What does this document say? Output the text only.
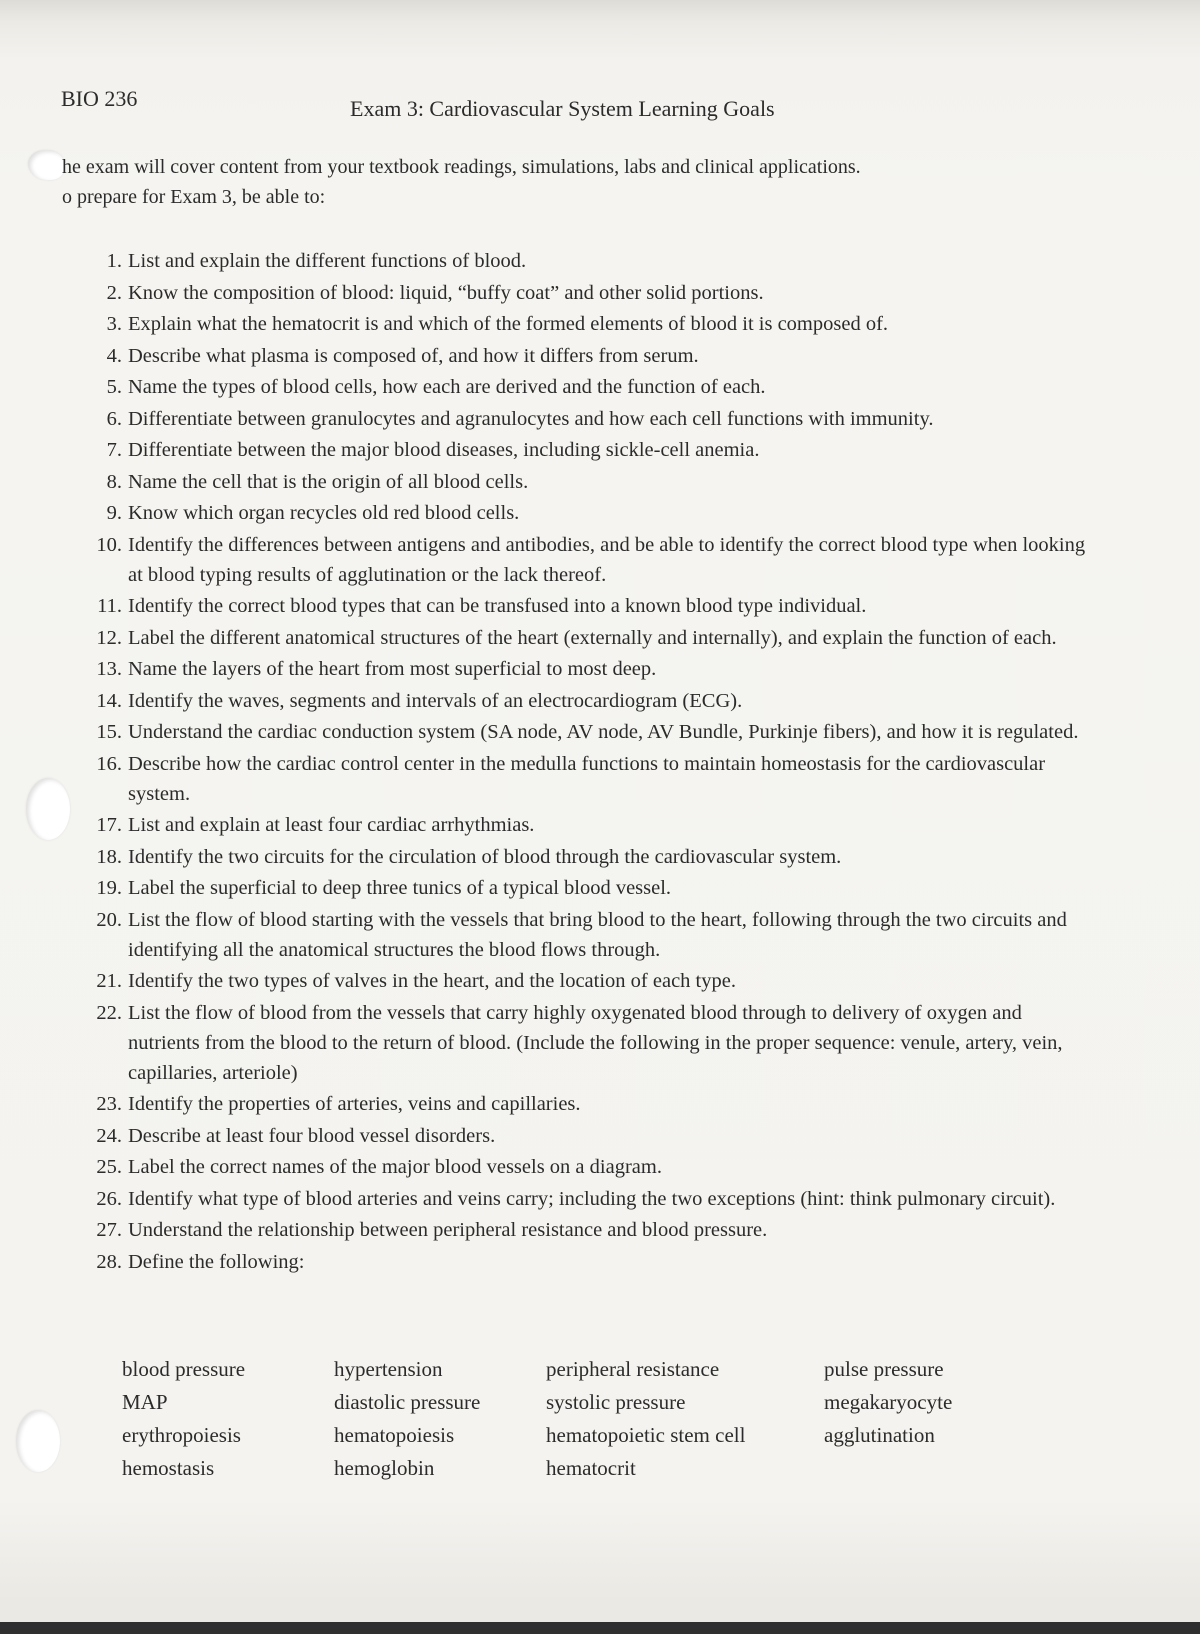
BIO 236	Exam 3: Cardiovascular System Learning Goals

he exam will cover content from your textbook readings, simulations, labs and clinical applications.

o prepare for Exam 3, be able to:

1. List and explain the different functions of blood.
2. Know the composition of blood: liquid, “buffy coat” and other solid portions.
3. Explain what the hematocrit is and which of the formed elements of blood it is composed of.
4. Describe what plasma is composed of, and how it differs from serum.
5. Name the types of blood cells, how each are derived and the function of each.
6. Differentiate between granulocytes and agranulocytes and how each cell functions with immunity.
7. Differentiate between the major blood diseases, including sickle-cell anemia.
8. Name the cell that is the origin of all blood cells.
9. Know which organ recycles old red blood cells.
10. Identify the differences between antigens and antibodies, and be able to identify the correct blood type when looking at blood typing results of agglutination or the lack thereof.
11. Identify the correct blood types that can be transfused into a known blood type individual.
12. Label the different anatomical structures of the heart (externally and internally), and explain the function of each.
13. Name the layers of the heart from most superficial to most deep.
14. Identify the waves, segments and intervals of an electrocardiogram (ECG).
15. Understand the cardiac conduction system (SA node, AV node, AV Bundle, Purkinje fibers), and how it is regulated.
16. Describe how the cardiac control center in the medulla functions to maintain homeostasis for the cardiovascular system.
17. List and explain at least four cardiac arrhythmias.
18. Identify the two circuits for the circulation of blood through the cardiovascular system.
19. Label the superficial to deep three tunics of a typical blood vessel.
20. List the flow of blood starting with the vessels that bring blood to the heart, following through the two circuits and identifying all the anatomical structures the blood flows through.
21. Identify the two types of valves in the heart, and the location of each type.
22. List the flow of blood from the vessels that carry highly oxygenated blood through to delivery of oxygen and nutrients from the blood to the return of blood. (Include the following in the proper sequence: venule, artery, vein, capillaries, arteriole)
23. Identify the properties of arteries, veins and capillaries.
24. Describe at least four blood vessel disorders.
25. Label the correct names of the major blood vessels on a diagram.
26. Identify what type of blood arteries and veins carry; including the two exceptions (hint: think pulmonary circuit).
27. Understand the relationship between peripheral resistance and blood pressure.
28. Define the following:
blood pressure	hypertension	peripheral resistance	pulse pressure
MAP	diastolic pressure	systolic pressure	megakaryocyte
erythropoiesis	hematopoiesis	hematopoietic stem cell	agglutination
hemostasis	hemoglobin	hematocrit
